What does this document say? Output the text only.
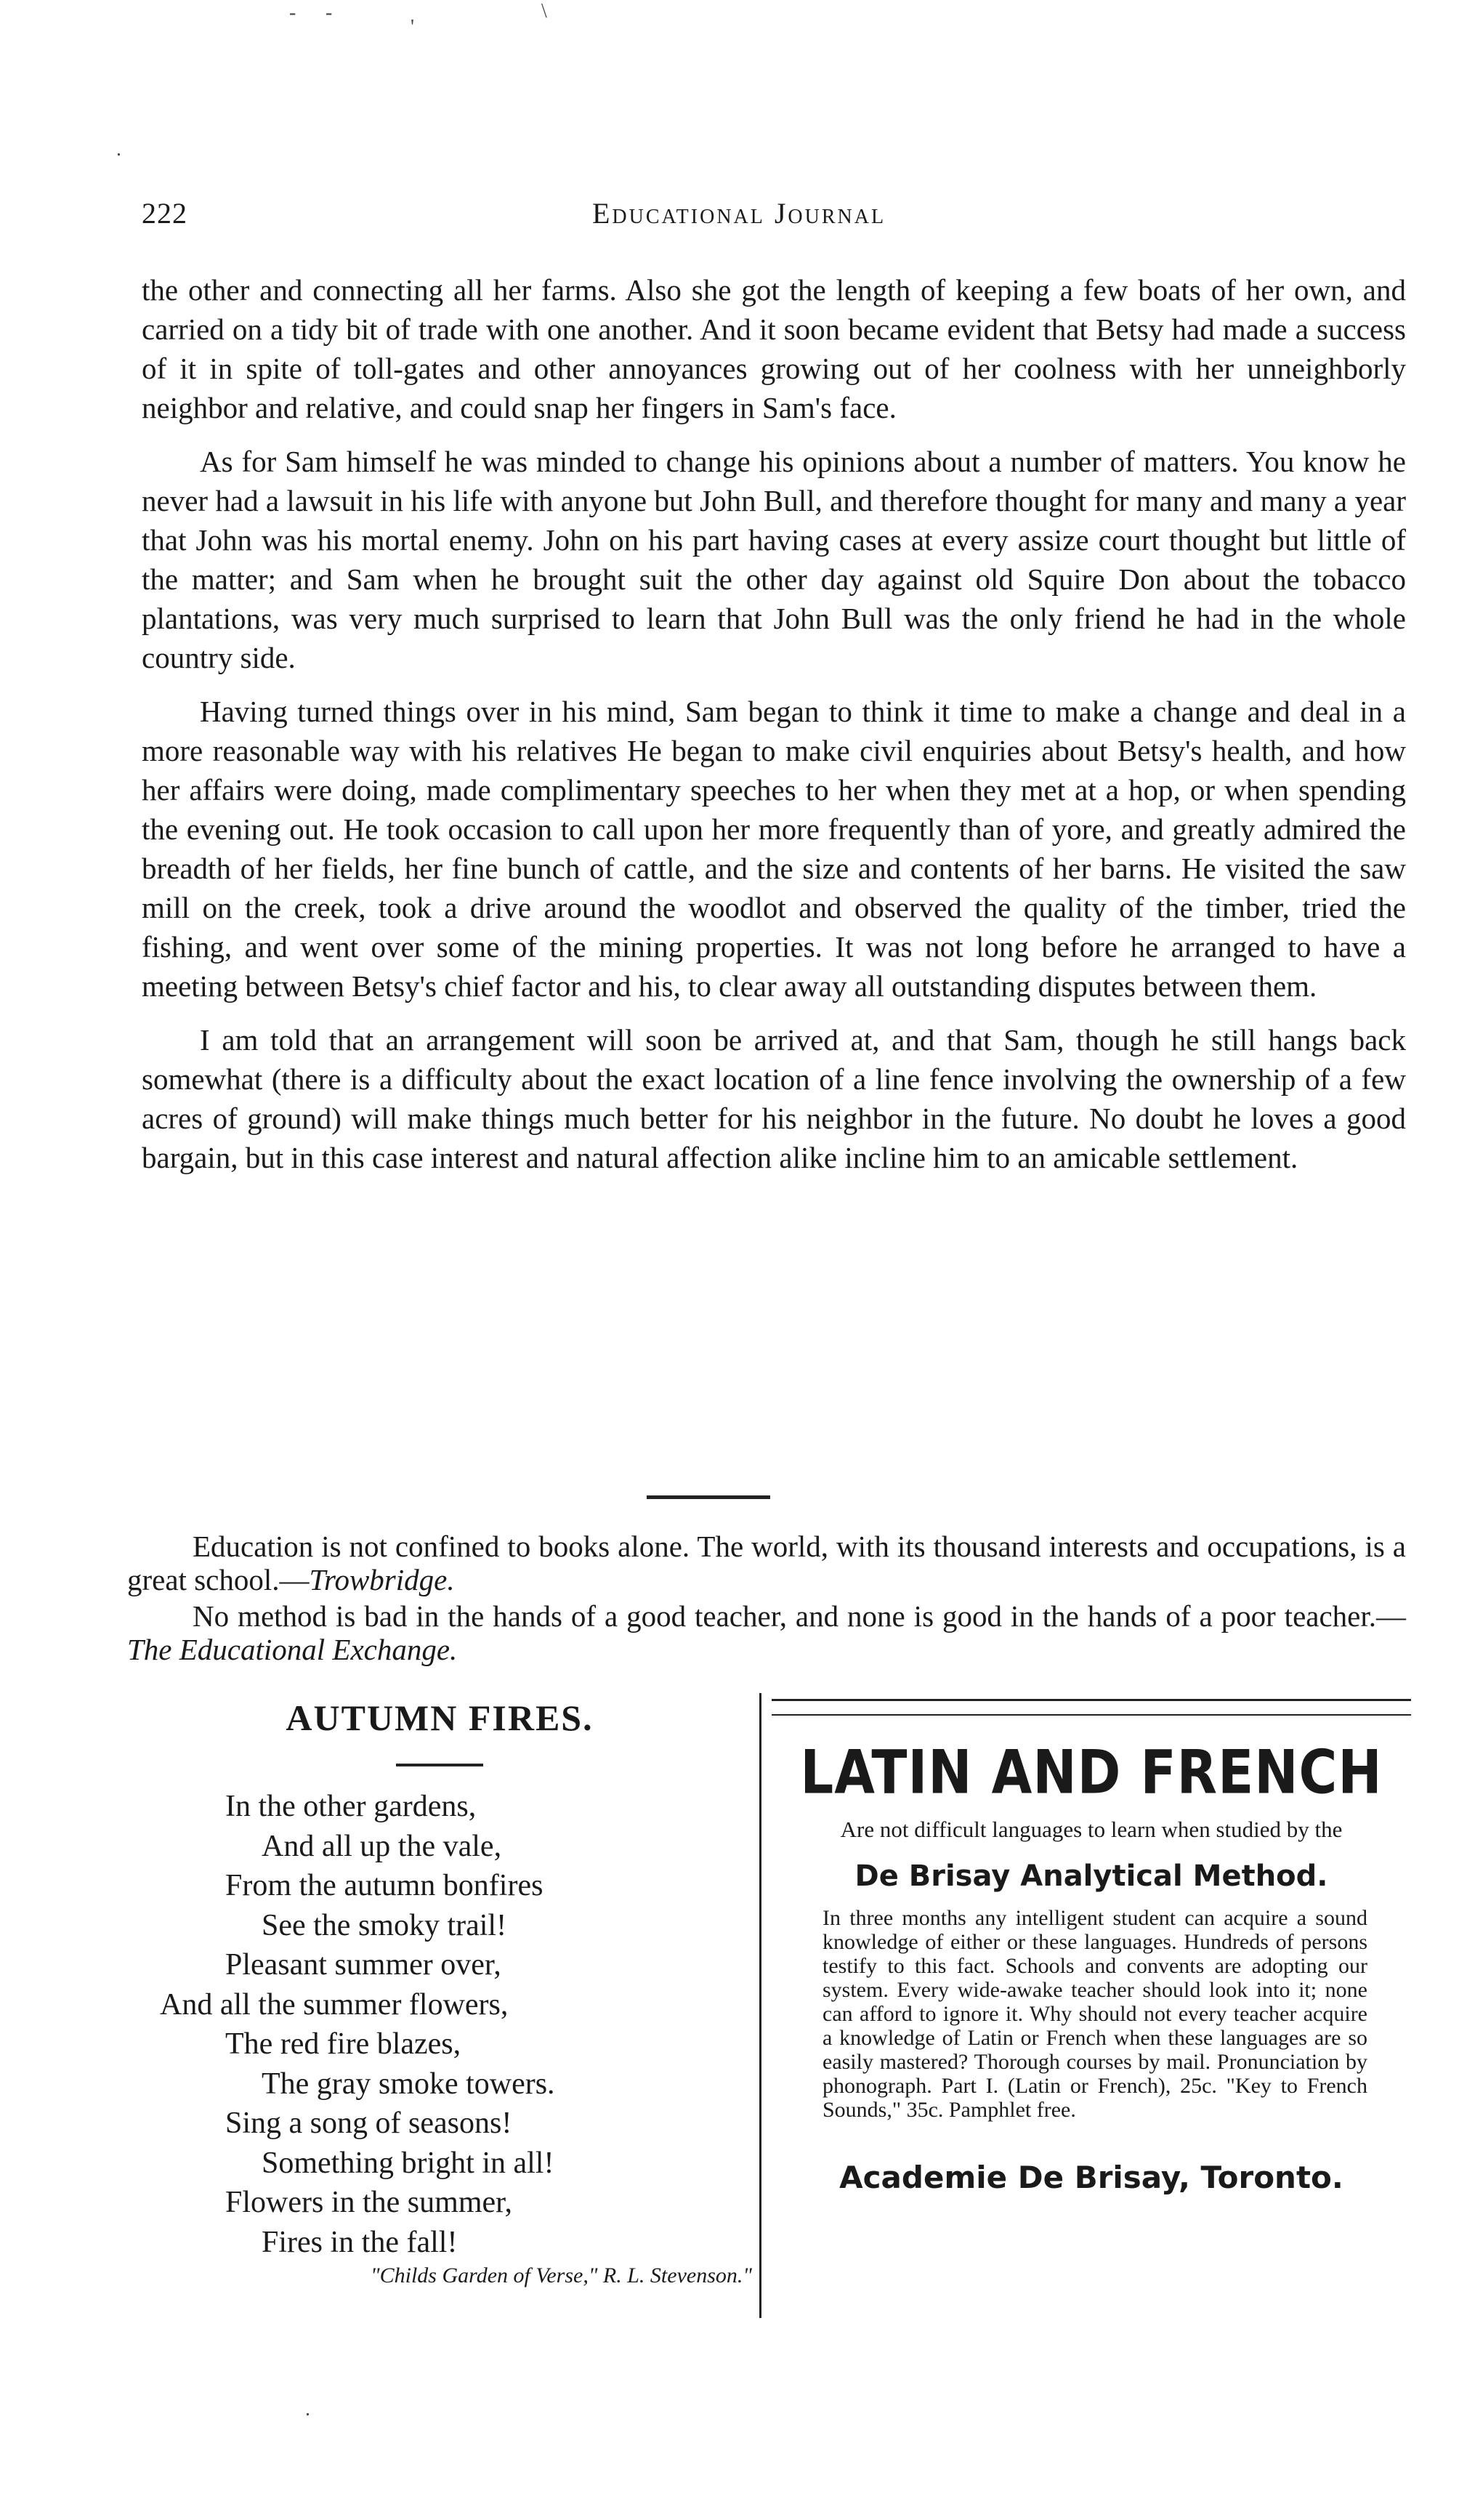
- -
'
\
.
.
222	Educational Journal

the other and connecting all her farms. Also she got the length of keeping a few boats of her own, and carried on a tidy bit of trade with one another. And it soon became evident that Betsy had made a success of it in spite of toll-gates and other annoyances growing out of her coolness with her unneighborly neighbor and relative, and could snap her fingers in Sam's face.

As for Sam himself he was minded to change his opinions about a number of matters. You know he never had a lawsuit in his life with anyone but John Bull, and therefore thought for many and many a year that John was his mortal enemy. John on his part having cases at every assize court thought but little of the matter; and Sam when he brought suit the other day against old Squire Don about the tobacco plantations, was very much surprised to learn that John Bull was the only friend he had in the whole country side.

Having turned things over in his mind, Sam began to think it time to make a change and deal in a more reasonable way with his relatives He began to make civil enquiries about Betsy's health, and how her affairs were doing, made complimentary speeches to her when they met at a hop, or when spending the evening out. He took occasion to call upon her more frequently than of yore, and greatly admired the breadth of her fields, her fine bunch of cattle, and the size and contents of her barns. He visited the saw mill on the creek, took a drive around the woodlot and observed the quality of the timber, tried the fishing, and went over some of the mining properties. It was not long before he arranged to have a meeting between Betsy's chief factor and his, to clear away all outstanding disputes between them.

I am told that an arrangement will soon be arrived at, and that Sam, though he still hangs back somewhat (there is a difficulty about the exact location of a line fence involving the ownership of a few acres of ground) will make things much better for his neighbor in the future. No doubt he loves a good bargain, but in this case interest and natural affection alike incline him to an amicable settlement.

Education is not confined to books alone. The world, with its thousand interests and occupations, is a great school.—Trowbridge.

No method is bad in the hands of a good teacher, and none is good in the hands of a poor teacher.—The Educational Exchange.

AUTUMN FIRES.
In the other gardens,
And all up the vale,
From the autumn bonfires
See the smoky trail!
Pleasant summer over,
And all the summer flowers,
The red fire blazes,
The gray smoke towers.
Sing a song of seasons!
Something bright in all!
Flowers in the summer,
Fires in the fall!
"Childs Garden of Verse," R. L. Stevenson."
LATIN AND FRENCH
Are not difficult languages to learn when studied by the
De Brisay Analytical Method.
In three months any intelligent student can acquire a sound knowledge of either or these languages. Hundreds of persons testify to this fact. Schools and convents are adopting our system. Every wide-awake teacher should look into it; none can afford to ignore it. Why should not every teacher acquire a knowledge of Latin or French when these languages are so easily mastered? Thorough courses by mail. Pronunciation by phonograph. Part I. (Latin or French), 25c. "Key to French Sounds," 35c. Pamphlet free.
Academie De Brisay, Toronto.
